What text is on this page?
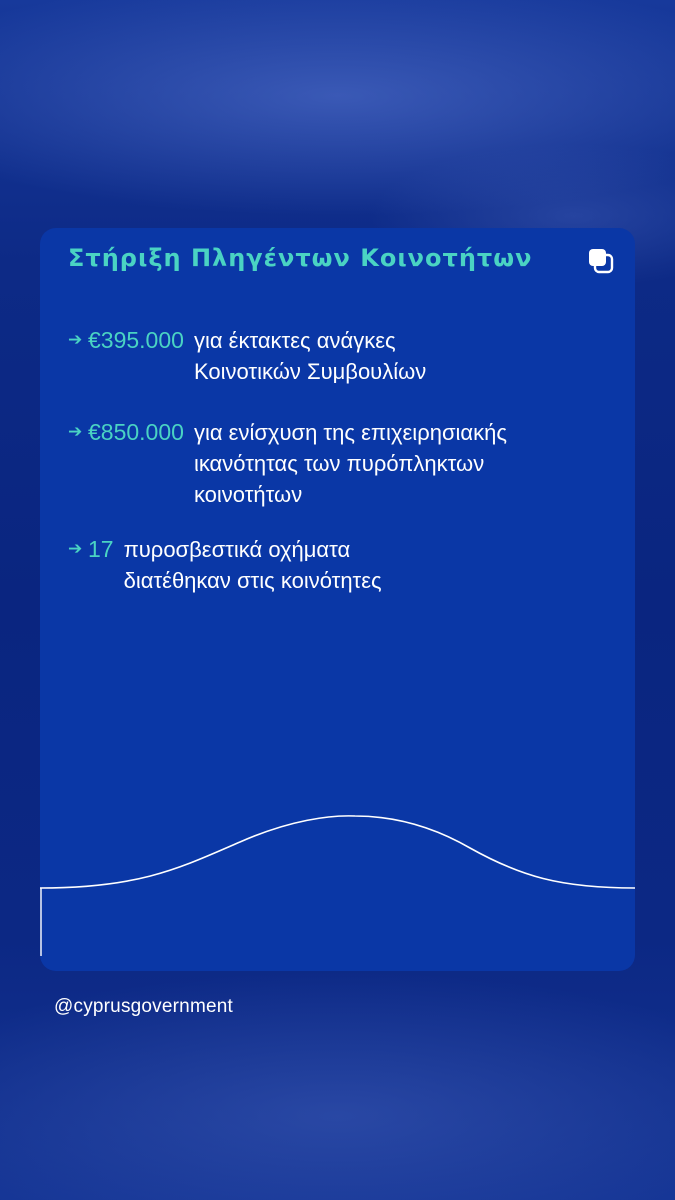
Στήριξη Πληγέντων Κοινοτήτων
➔ €395.000 για έκτακτες ανάγκες
Κοινοτικών Συμβουλίων
➔ €850.000 για ενίσχυση της επιχειρησιακής
ικανότητας των πυρόπληκτων
κοινοτήτων
➔ 17 πυροσβεστικά οχήματα
διατέθηκαν στις κοινότητες

@cyprusgovernment
